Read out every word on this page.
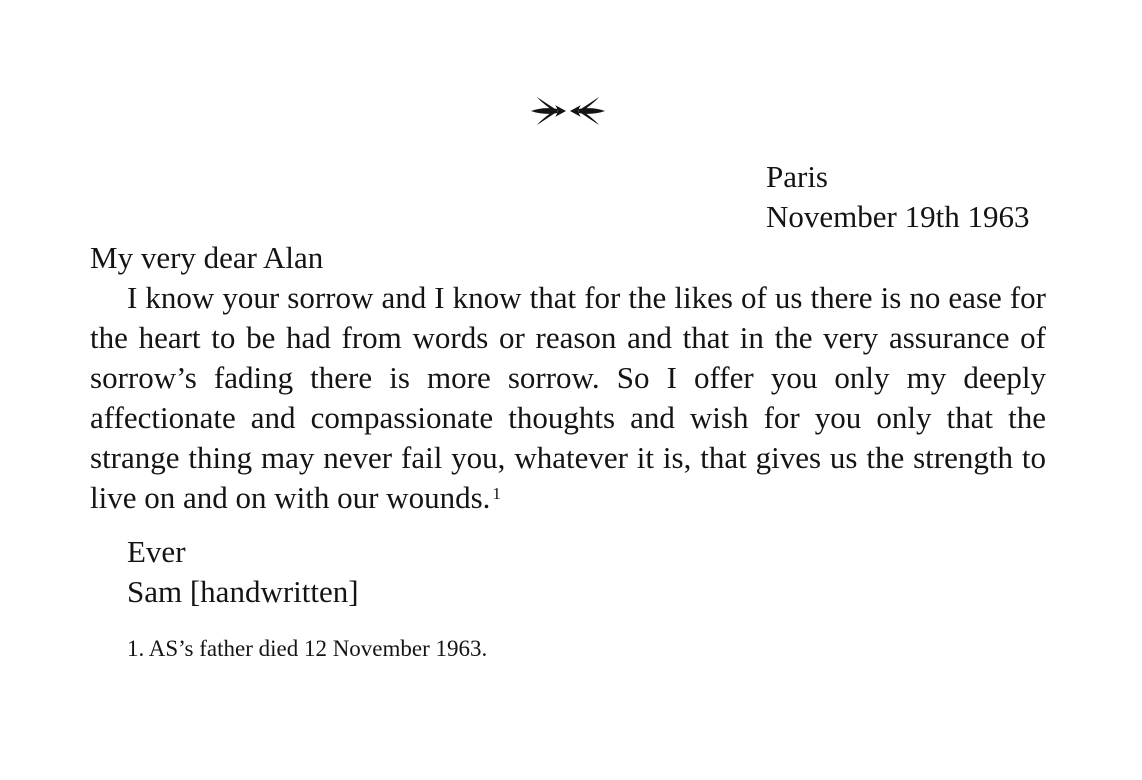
Paris
November 19th 1963
My very dear Alan

I know your sorrow and I know that for the likes of us there is no ease for the heart to be had from words or reason and that in the very assurance of sorrow’s fading there is more sorrow. So I offer you only my deeply affectionate and compassionate thoughts and wish for you only that the strange thing may never fail you, whatever it is, that gives us the strength to live on and on with our wounds. $^1$

Ever
Sam [handwritten]
1. AS’s father died 12 November 1963.
